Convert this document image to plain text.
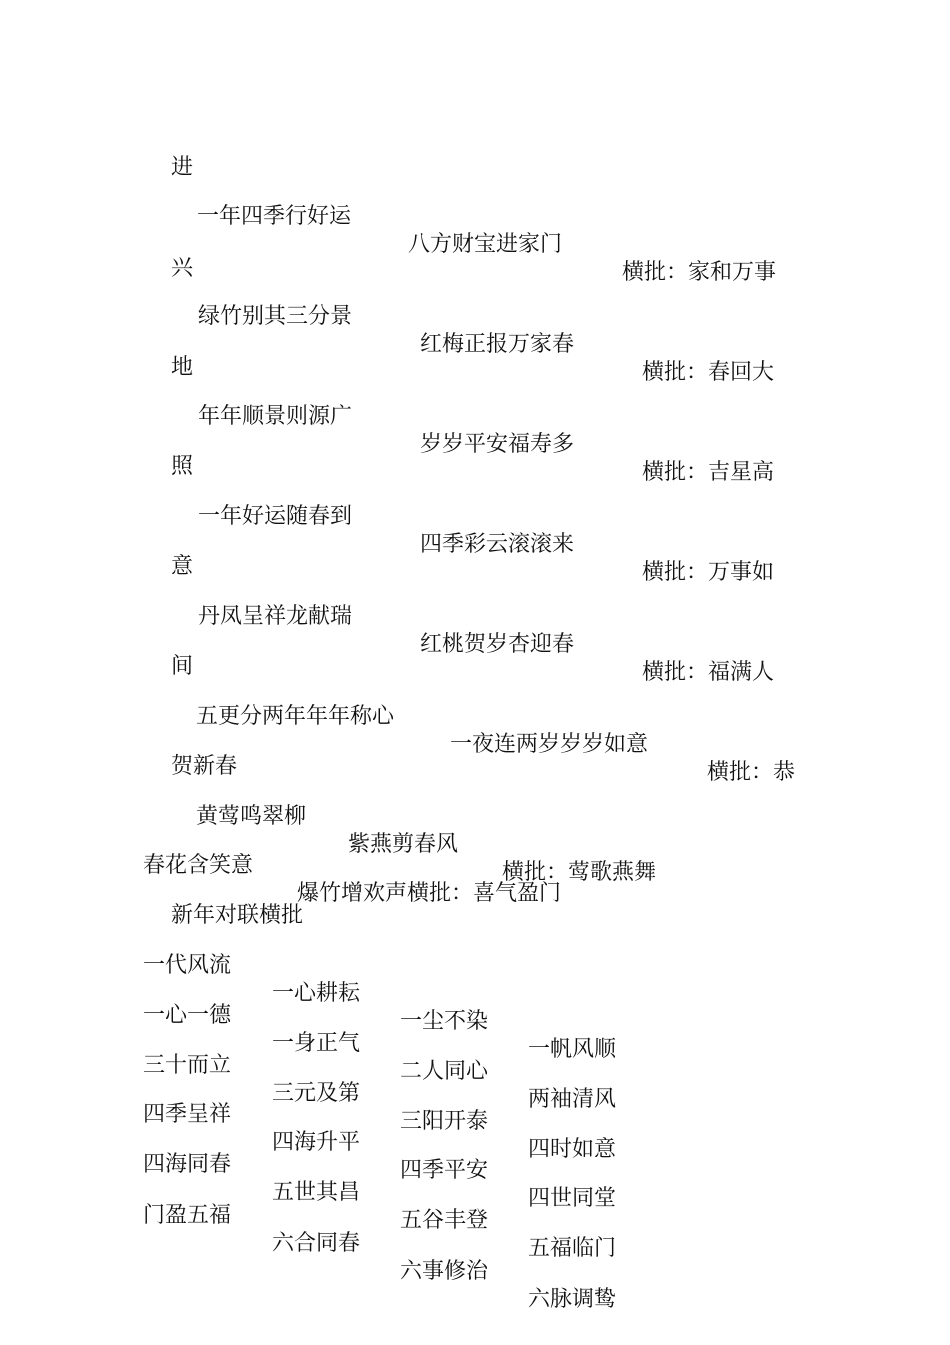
进

一年四季行好运

八方财宝进家门

横批：家和万事

兴

绿竹别其三分景

红梅正报万家春

横批：春回大

地

年年顺景则源广

岁岁平安福寿多

横批：吉星高

照

一年好运随春到

四季彩云滚滚来

横批：万事如

意

丹凤呈祥龙献瑞

红桃贺岁杏迎春

横批：福满人

间

五更分两年年年称心

一夜连两岁岁岁如意

横批：恭

贺新春

黄莺鸣翠柳

紫燕剪春风

横批：莺歌燕舞

春花含笑意

爆竹增欢声横批：喜气盈门

新年对联横批

一代风流

一心耕耘

一尘不染

一帆风顺

一心一德

一身正气

二人同心

两袖清风

三十而立

三元及第

三阳开泰

四时如意

四季呈祥

四海升平

四季平安

四世同堂

四海同春

五世其昌

五谷丰登

五福临门

门盈五福

六合同春

六事修治

六脉调鸷
